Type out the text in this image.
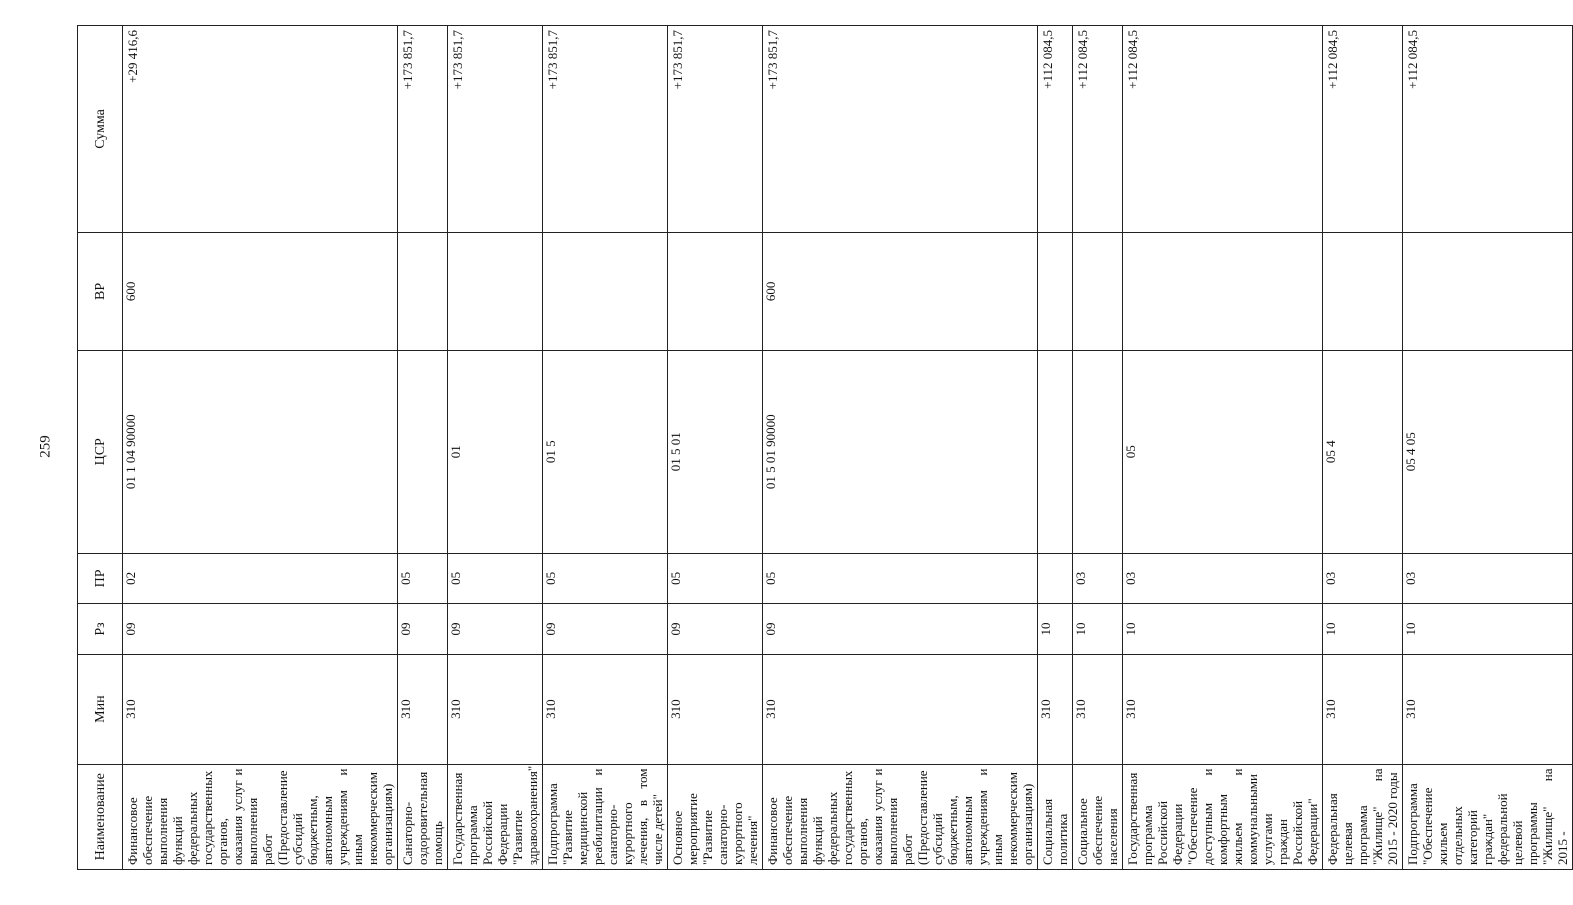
259
Наименование	Мин	Рз	ПР	ЦСР	ВР	Сумма
Финансовое обеспечение выполнения функций федеральных государственных органов, оказания услуг и выполнения работ (Предоставление субсидий бюджетным, автономным учреждениям и иным некоммерческим организациям)	310	09	02	01 1 04 90000	600	+29 416,6
Санаторно-оздоровительная помощь	310	09	05			+173 851,7
Государственная программа Российской Федерации "Развитие здравоохранения"	310	09	05	01		+173 851,7
Подпрограмма "Развитие медицинской реабилитации и санаторно-курортного лечения, в том числе детей"	310	09	05	01 5		+173 851,7
Основное мероприятие "Развитие санаторно-курортного лечения"	310	09	05	01 5 01		+173 851,7
Финансовое обеспечение выполнения функций федеральных государственных органов, оказания услуг и выполнения работ (Предоставление субсидий бюджетным, автономным учреждениям и иным некоммерческим организациям)	310	09	05	01 5 01 90000	600	+173 851,7
Социальная политика	310	10				+112 084,5
Социальное обеспечение населения	310	10	03			+112 084,5
Государственная программа Российской Федерации "Обеспечение доступным и комфортным жильем и коммунальными услугами граждан Российской Федерации"	310	10	03	05		+112 084,5
Федеральная целевая программа "Жилище" на 2015 - 2020 годы	310	10	03	05 4		+112 084,5
Подпрограмма "Обеспечение жильем отдельных категорий граждан" федеральной целевой программы "Жилище" на 2015 -	310	10	03	05 4 05		+112 084,5
